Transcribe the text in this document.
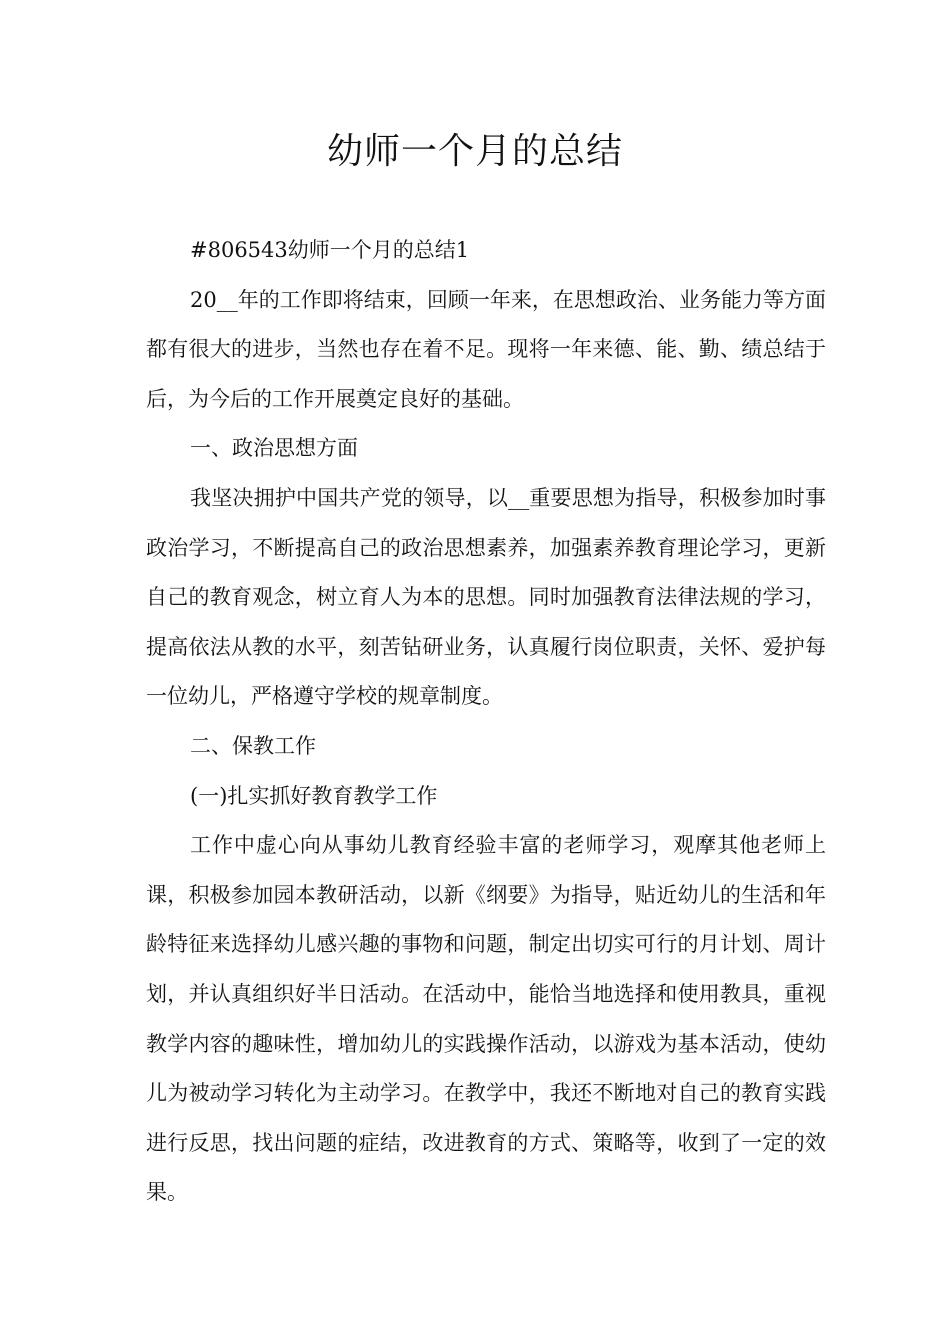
幼师一个月的总结

#806543幼师一个月的总结1

20__年的工作即将结束，回顾一年来，在思想政治、业务能力等方面都有很大的进步，当然也存在着不足。现将一年来德、能、勤、绩总结于后，为今后的工作开展奠定良好的基础。

一、政治思想方面

我坚决拥护中国共产党的领导，以__重要思想为指导，积极参加时事政治学习，不断提高自己的政治思想素养，加强素养教育理论学习，更新自己的教育观念，树立育人为本的思想。同时加强教育法律法规的学习，提高依法从教的水平，刻苦钻研业务，认真履行岗位职责，关怀、爱护每一位幼儿，严格遵守学校的规章制度。

二、保教工作

(一)扎实抓好教育教学工作

工作中虚心向从事幼儿教育经验丰富的老师学习，观摩其他老师上课，积极参加园本教研活动，以新《纲要》为指导，贴近幼儿的生活和年龄特征来选择幼儿感兴趣的事物和问题，制定出切实可行的月计划、周计划，并认真组织好半日活动。在活动中，能恰当地选择和使用教具，重视教学内容的趣味性，增加幼儿的实践操作活动，以游戏为基本活动，使幼儿为被动学习转化为主动学习。在教学中，我还不断地对自己的教育实践进行反思，找出问题的症结，改进教育的方式、策略等，收到了一定的效果。
